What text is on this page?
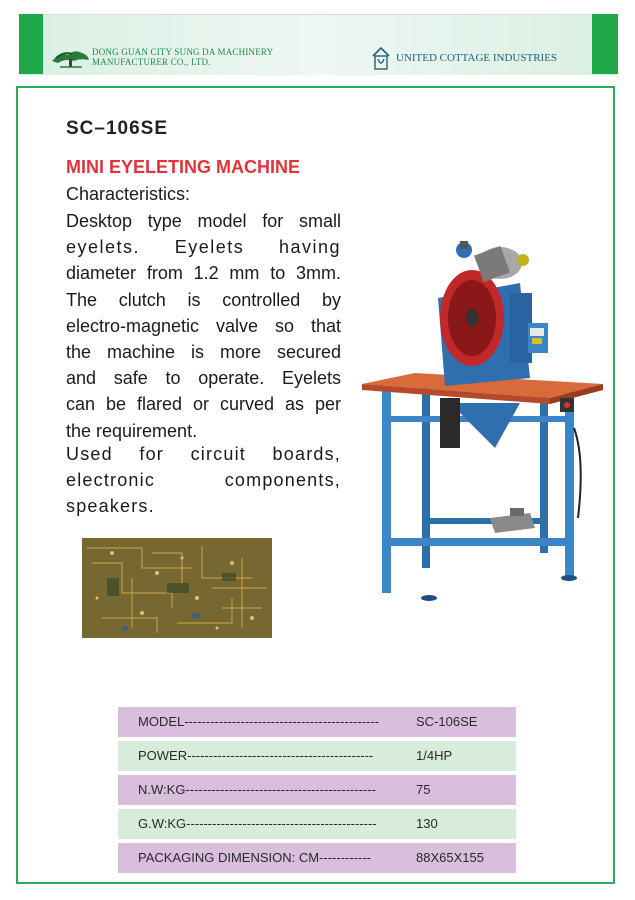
DONG GUAN CITY SUNG DA MACHINERY
MANUFACTURER CO., LTD.	UNITED COTTAGE INDUSTRIES
SC–106SE
MINI EYELETING MACHINE
Characteristics:
Desktop type model for small
eyelets. Eyelets having
diameter from 1.2 mm to 3mm.
The clutch is controlled by
electro-magnetic valve so that
the machine is more secured
and safe to operate. Eyelets
can be flared or curved as per
the requirement.
Used for circuit boards,
electronic components,
speakers.
MODEL---------------------------------------------	SC-106SE
POWER-------------------------------------------	1/4HP
N.W:KG--------------------------------------------	75
G.W:KG--------------------------------------------	130
PACKAGING DIMENSION: CM------------	88X65X155
